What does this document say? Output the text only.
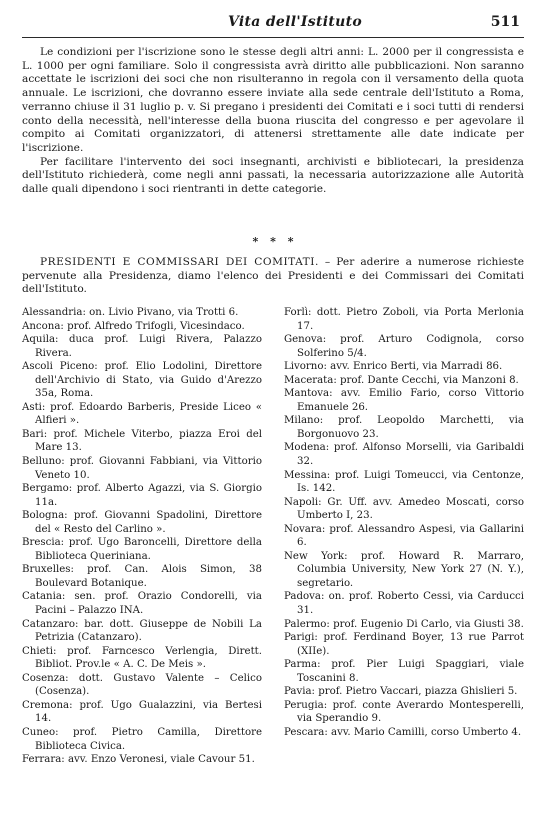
Vita dell'Istituto	511

Le condizioni per l'iscrizione sono le stesse degli altri anni: L. 2000 per il congressista e L. 1000 per ogni familiare. Solo il congressista avrà diritto alle pubblicazioni. Non saranno accettate le iscrizioni dei soci che non risulteranno in regola con il versamento della quota annuale. Le iscrizioni, che dovranno essere inviate alla sede centrale dell'Istituto a Roma, verranno chiuse il 31 luglio p. v. Si pregano i presidenti dei Comitati e i soci tutti di rendersi conto della necessità, nell'interesse della buona riuscita del congresso e per agevolare il compito ai Comitati organizzatori, di attenersi strettamente alle date indicate per l'iscrizione.

Per facilitare l'intervento dei soci insegnanti, archivisti e bibliotecari, la presidenza dell'Istituto richiederà, come negli anni passati, la necessaria autorizzazione alle Autorità dalle quali dipendono i soci rientranti in dette categorie.

* * *
PRESIDENTI E COMMISSARI DEI COMITATI. – Per aderire a numerose richieste pervenute alla Presidenza, diamo l'elenco dei Presidenti e dei Commissari dei Comitati dell'Istituto.

Alessandria: on. Livio Pivano, via Trotti 6.

Ancona: prof. Alfredo Trifogli, Vicesindaco.

Aquila: duca prof. Luigi Rivera, Palazzo Rivera.

Ascoli Piceno: prof. Elio Lodolini, Direttore dell'Archivio di Stato, via Guido d'Arezzo 35a, Roma.

Asti: prof. Edoardo Barberis, Preside Liceo « Alfieri ».

Bari: prof. Michele Viterbo, piazza Eroi del Mare 13.

Belluno: prof. Giovanni Fabbiani, via Vittorio Veneto 10.

Bergamo: prof. Alberto Agazzi, via S. Giorgio 11a.

Bologna: prof. Giovanni Spadolini, Direttore del « Resto del Carlino ».

Brescia: prof. Ugo Baroncelli, Direttore della Biblioteca Queriniana.

Bruxelles: prof. Can. Alois Simon, 38 Boulevard Botanique.

Catania: sen. prof. Orazio Condorelli, via Pacini – Palazzo INA.

Catanzaro: bar. dott. Giuseppe de Nobili La Petrizia (Catanzaro).

Chieti: prof. Farncesco Verlengia, Dirett. Bibliot. Prov.le « A. C. De Meis ».

Cosenza: dott. Gustavo Valente – Celico (Cosenza).

Cremona: prof. Ugo Gualazzini, via Bertesi 14.

Cuneo: prof. Pietro Camilla, Direttore Biblioteca Civica.

Ferrara: avv. Enzo Veronesi, viale Cavour 51.

Forlì: dott. Pietro Zoboli, via Porta Merlonia 17.

Genova: prof. Arturo Codignola, corso Solferino 5/4.

Livorno: avv. Enrico Berti, via Marradi 86.

Macerata: prof. Dante Cecchi, via Manzoni 8.

Mantova: avv. Emilio Fario, corso Vittorio Emanuele 26.

Milano: prof. Leopoldo Marchetti, via Borgonuovo 23.

Modena: prof. Alfonso Morselli, via Garibaldi 32.

Messina: prof. Luigi Tomeucci, via Centonze, Is. 142.

Napoli: Gr. Uff. avv. Amedeo Moscati, corso Umberto I, 23.

Novara: prof. Alessandro Aspesi, via Gallarini 6.

New York: prof. Howard R. Marraro, Columbia University, New York 27 (N. Y.), segretario.

Padova: on. prof. Roberto Cessi, via Carducci 31.

Palermo: prof. Eugenio Di Carlo, via Giusti 38.

Parigi: prof. Ferdinand Boyer, 13 rue Parrot (XIIe).

Parma: prof. Pier Luigi Spaggiari, viale Toscanini 8.

Pavia: prof. Pietro Vaccari, piazza Ghislieri 5.

Perugia: prof. conte Averardo Montesperelli, via Sperandio 9.

Pescara: avv. Mario Camilli, corso Umberto 4.
